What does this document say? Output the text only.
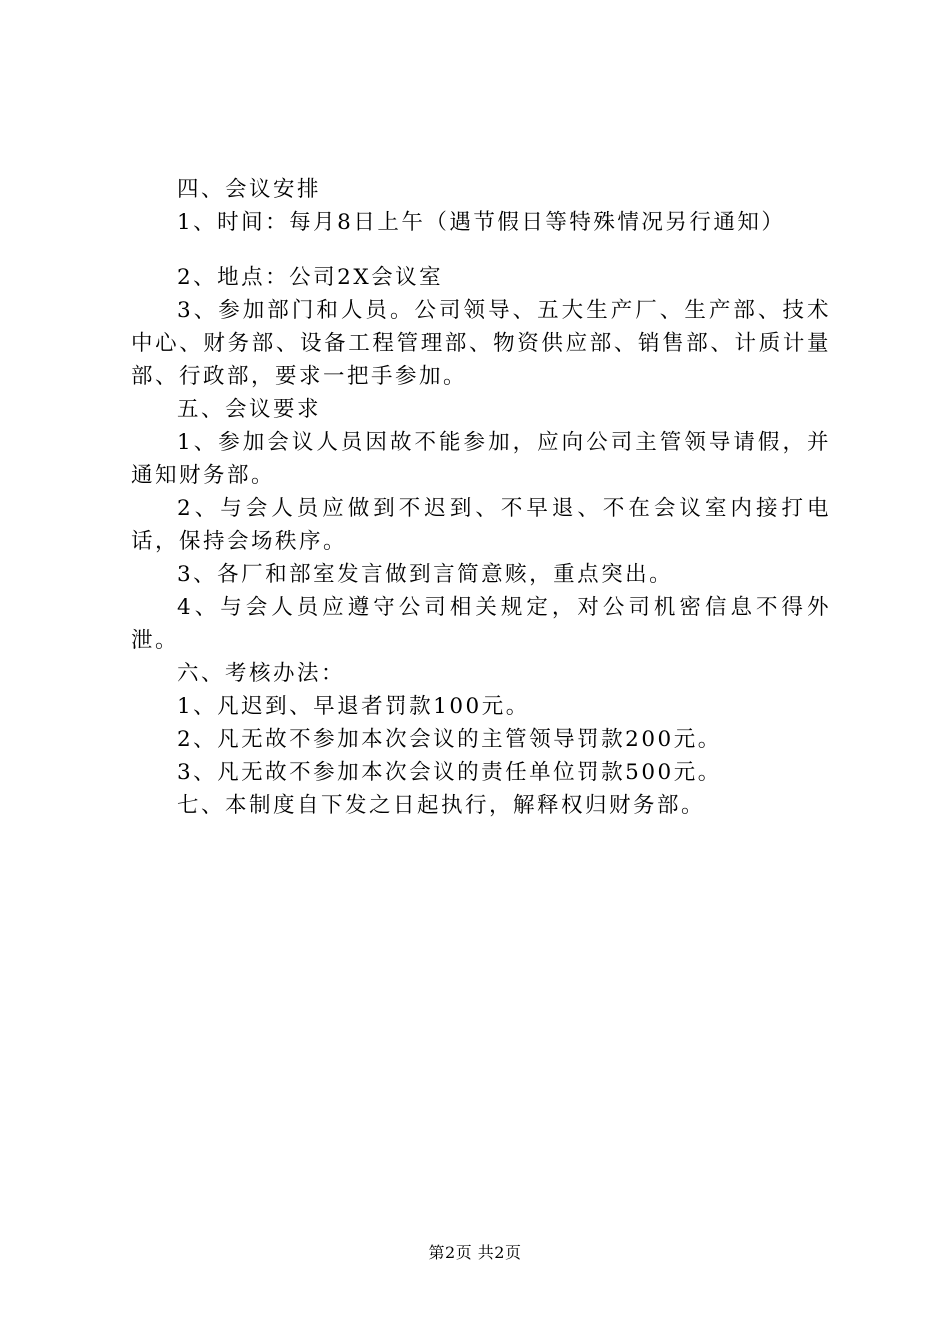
四、会议安排

1、时间：每月8日上午（遇节假日等特殊情况另行通知）

2、地点：公司2X会议室

3、参加部门和人员。公司领导、五大生产厂、生产部、技术中心、财务部、设备工程管理部、物资供应部、销售部、计质计量部、行政部，要求一把手参加。

五、会议要求

1、参加会议人员因故不能参加，应向公司主管领导请假，并通知财务部。

2、与会人员应做到不迟到、不早退、不在会议室内接打电话，保持会场秩序。

3、各厂和部室发言做到言简意赅，重点突出。

4、与会人员应遵守公司相关规定，对公司机密信息不得外泄。

六、考核办法：

1、凡迟到、早退者罚款100元。

2、凡无故不参加本次会议的主管领导罚款200元。

3、凡无故不参加本次会议的责任单位罚款500元。

七、本制度自下发之日起执行，解释权归财务部。

第2页 共2页
